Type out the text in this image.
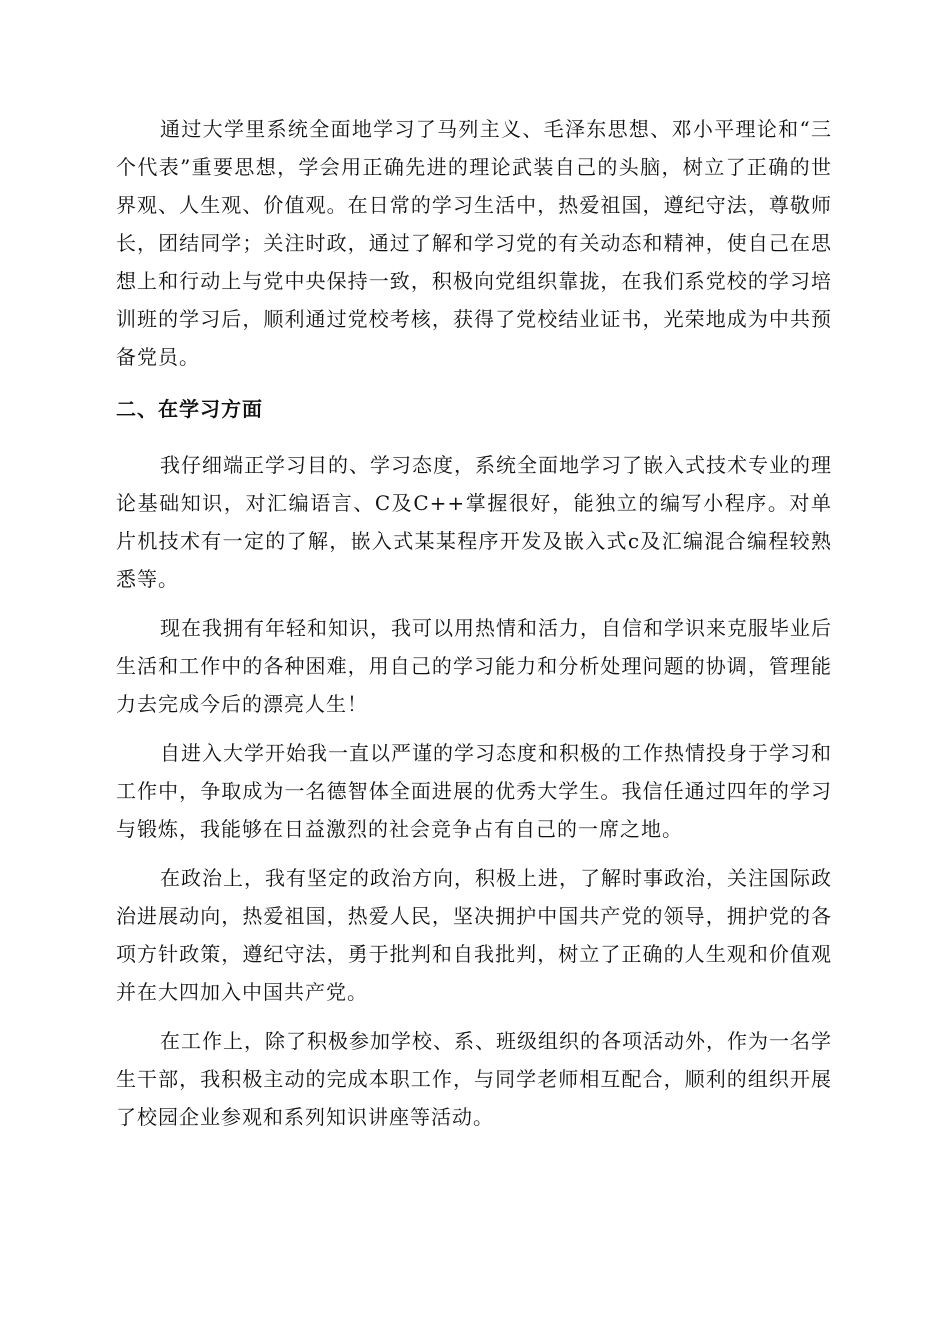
通过大学里系统全面地学习了马列主义、毛泽东思想、邓小平理论和“三个代表”重要思想，学会用正确先进的理论武装自己的头脑，树立了正确的世界观、人生观、价值观。在日常的学习生活中，热爱祖国，遵纪守法，尊敬师长，团结同学；关注时政，通过了解和学习党的有关动态和精神，使自己在思想上和行动上与党中央保持一致，积极向党组织靠拢，在我们系党校的学习培训班的学习后，顺利通过党校考核，获得了党校结业证书，光荣地成为中共预备党员。

二、在学习方面

我仔细端正学习目的、学习态度，系统全面地学习了嵌入式技术专业的理论基础知识，对汇编语言、C及C++掌握很好，能独立的编写小程序。对单片机技术有一定的了解，嵌入式某某程序开发及嵌入式c及汇编混合编程较熟悉等。

现在我拥有年轻和知识，我可以用热情和活力，自信和学识来克服毕业后生活和工作中的各种困难，用自己的学习能力和分析处理问题的协调，管理能力去完成今后的漂亮人生！

自进入大学开始我一直以严谨的学习态度和积极的工作热情投身于学习和工作中，争取成为一名德智体全面进展的优秀大学生。我信任通过四年的学习与锻炼，我能够在日益激烈的社会竞争占有自己的一席之地。

在政治上，我有坚定的政治方向，积极上进，了解时事政治，关注国际政治进展动向，热爱祖国，热爱人民，坚决拥护中国共产党的领导，拥护党的各项方针政策，遵纪守法，勇于批判和自我批判，树立了正确的人生观和价值观并在大四加入中国共产党。

在工作上，除了积极参加学校、系、班级组织的各项活动外，作为一名学生干部，我积极主动的完成本职工作，与同学老师相互配合，顺利的组织开展了校园企业参观和系列知识讲座等活动。
